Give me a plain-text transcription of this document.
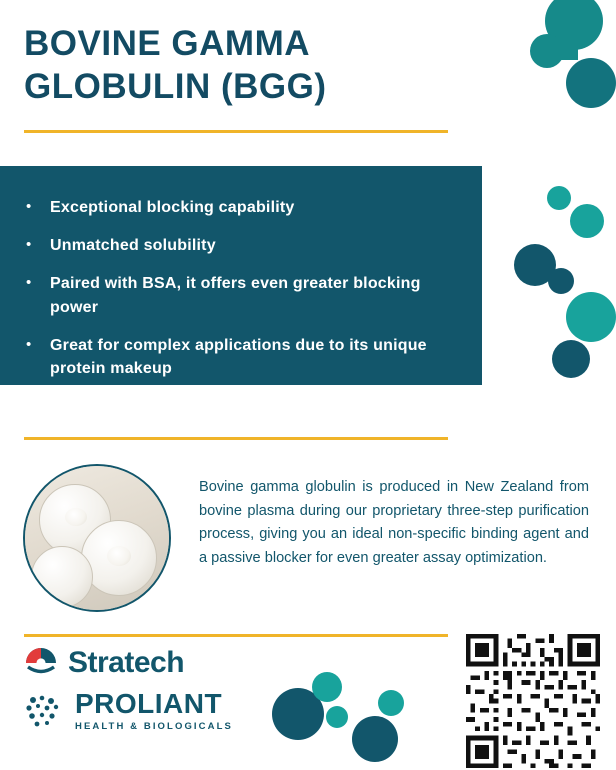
BOVINE GAMMA
GLOBULIN (BGG)
•	Exceptional blocking capability
•	Unmatched solubility
•	Paired with BSA, it offers even greater blocking power
•	Great for complex applications due to its unique protein makeup

Bovine gamma globulin is produced in New Zealand from bovine plasma during our proprietary three-step purification process, giving you an ideal non-specific binding agent and a passive blocker for even greater assay optimization.

Stratech
PROLIANT
HEALTH & BIOLOGICALS
